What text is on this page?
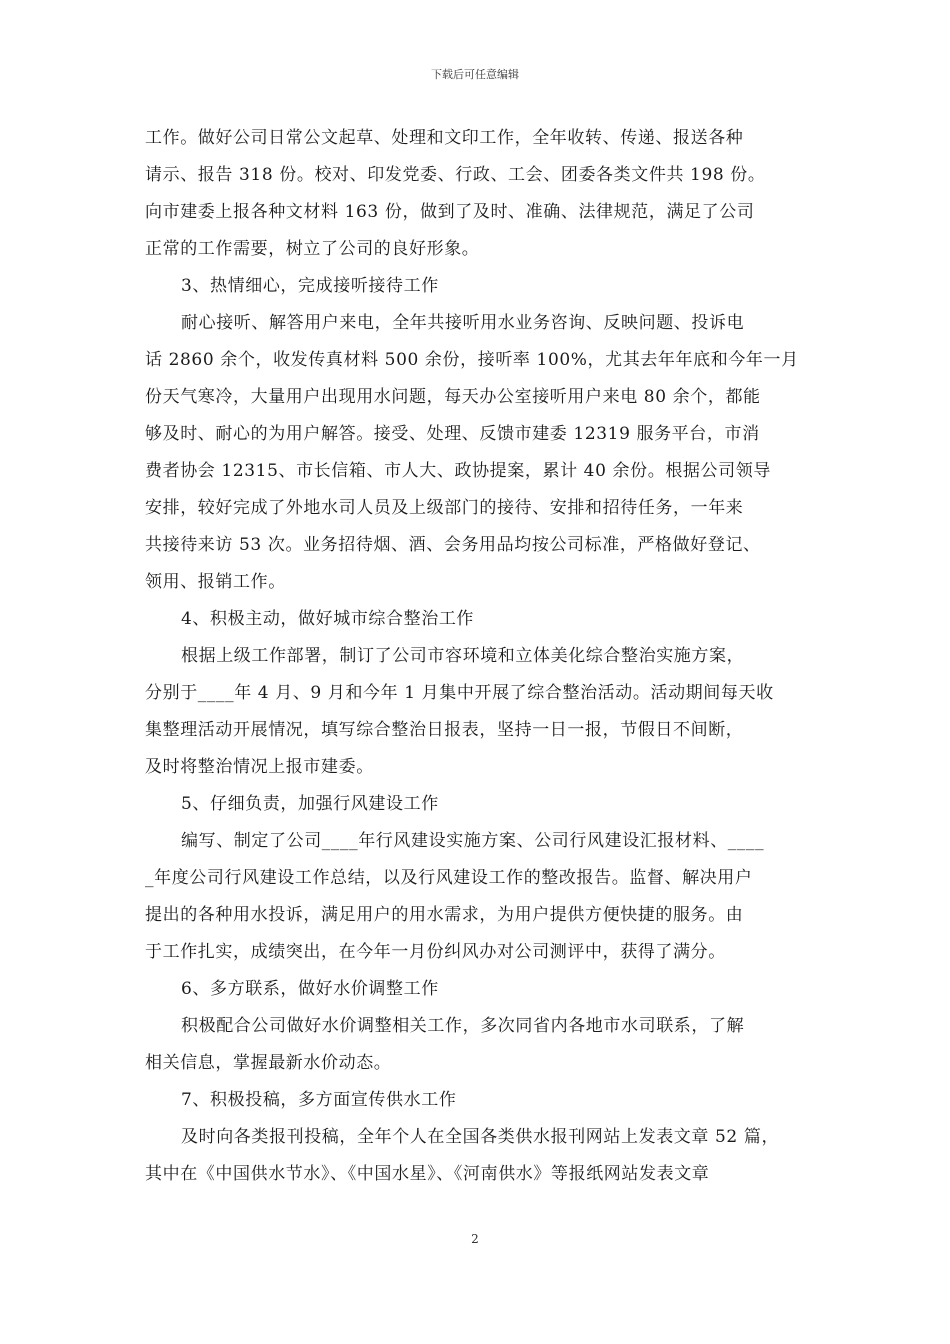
下载后可任意编辑
工作。做好公司日常公文起草、处理和文印工作，全年收转、传递、报送各种
请示、报告 318 份。校对、印发党委、行政、工会、团委各类文件共 198 份。
向市建委上报各种文材料 163 份，做到了及时、准确、法律规范，满足了公司
正常的工作需要，树立了公司的良好形象。
3、热情细心，完成接听接待工作
耐心接听、解答用户来电，全年共接听用水业务咨询、反映问题、投诉电
话 2860 余个，收发传真材料 500 余份，接听率 100%，尤其去年年底和今年一月
份天气寒冷，大量用户出现用水问题，每天办公室接听用户来电 80 余个，都能
够及时、耐心的为用户解答。接受、处理、反馈市建委 12319 服务平台，市消
费者协会 12315、市长信箱、市人大、政协提案，累计 40 余份。根据公司领导
安排，较好完成了外地水司人员及上级部门的接待、安排和招待任务，一年来
共接待来访 53 次。业务招待烟、酒、会务用品均按公司标准，严格做好登记、
领用、报销工作。
4、积极主动，做好城市综合整治工作
根据上级工作部署，制订了公司市容环境和立体美化综合整治实施方案，
分别于____年 4 月、9 月和今年 1 月集中开展了综合整治活动。活动期间每天收
集整理活动开展情况，填写综合整治日报表，坚持一日一报，节假日不间断，
及时将整治情况上报市建委。
5、仔细负责，加强行风建设工作
编写、制定了公司____年行风建设实施方案、公司行风建设汇报材料、____
_年度公司行风建设工作总结，以及行风建设工作的整改报告。监督、解决用户
提出的各种用水投诉，满足用户的用水需求，为用户提供方便快捷的服务。由
于工作扎实，成绩突出，在今年一月份纠风办对公司测评中，获得了满分。
6、多方联系，做好水价调整工作
积极配合公司做好水价调整相关工作，多次同省内各地市水司联系，了解
相关信息，掌握最新水价动态。
7、积极投稿，多方面宣传供水工作
及时向各类报刊投稿，全年个人在全国各类供水报刊网站上发表文章 52 篇，
其中在《中国供水节水》、《中国水星》、《河南供水》等报纸网站发表文章
2
